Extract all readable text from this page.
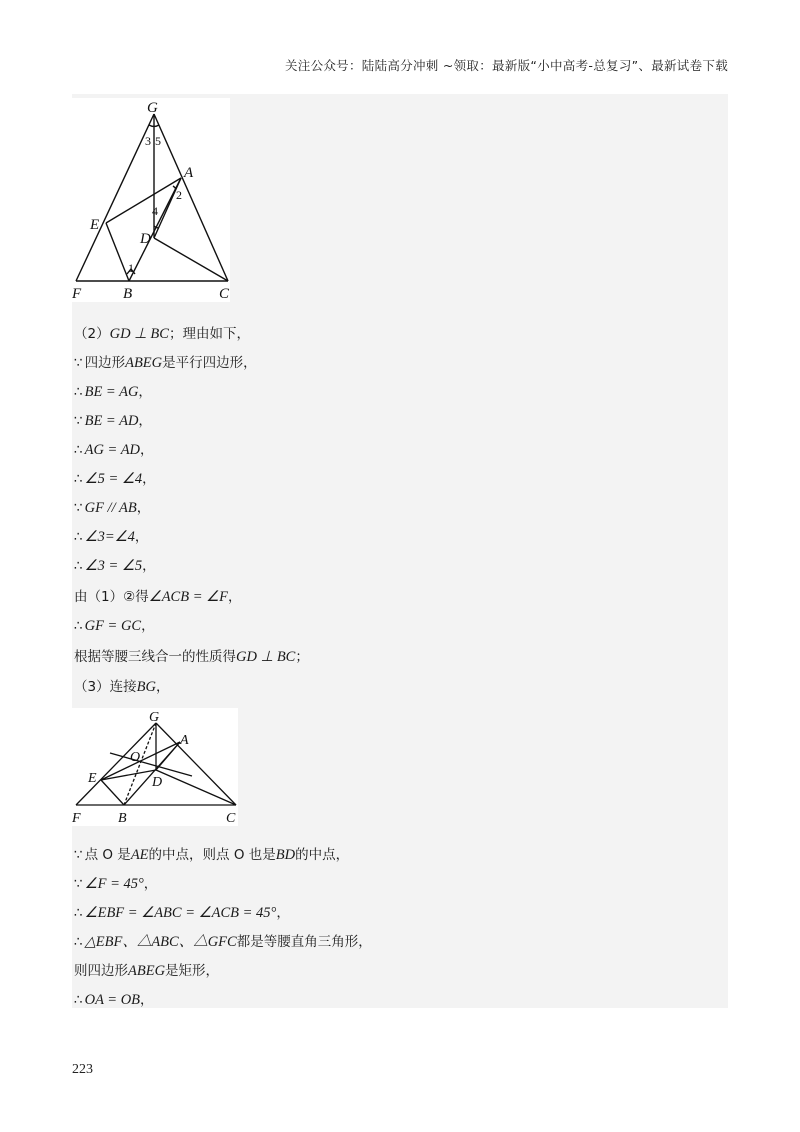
关注公众号：陆陆高分冲刺 ~领取：最新版“小中高考-总复习”、最新试卷下载
G
A
E
D
F	B	C
1
2
3
4
5
（2）GD ⊥ BC；理由如下，
∵ 四边形ABEG是平行四边形，
∴ BE = AG，
∵ BE = AD，
∴ AG = AD，
∴ ∠5 = ∠4，
∵ GF // AB，
∴ ∠3=∠4，
∴ ∠3 = ∠5，
由（1）②得∠ACB = ∠F，
∴ GF = GC，
根据等腰三线合一的性质得GD ⊥ BC；
（3）连接BG，
G
A
O
D
E
F	B	C
∵ 点 O 是AE的中点，则点 O 也是BD的中点，
∵ ∠F = 45°，
∴ ∠EBF = ∠ABC = ∠ACB = 45°，
∴ △EBF、△ABC、△GFC都是等腰直角三角形，
则四边形ABEG是矩形，
∴ OA = OB，
223
